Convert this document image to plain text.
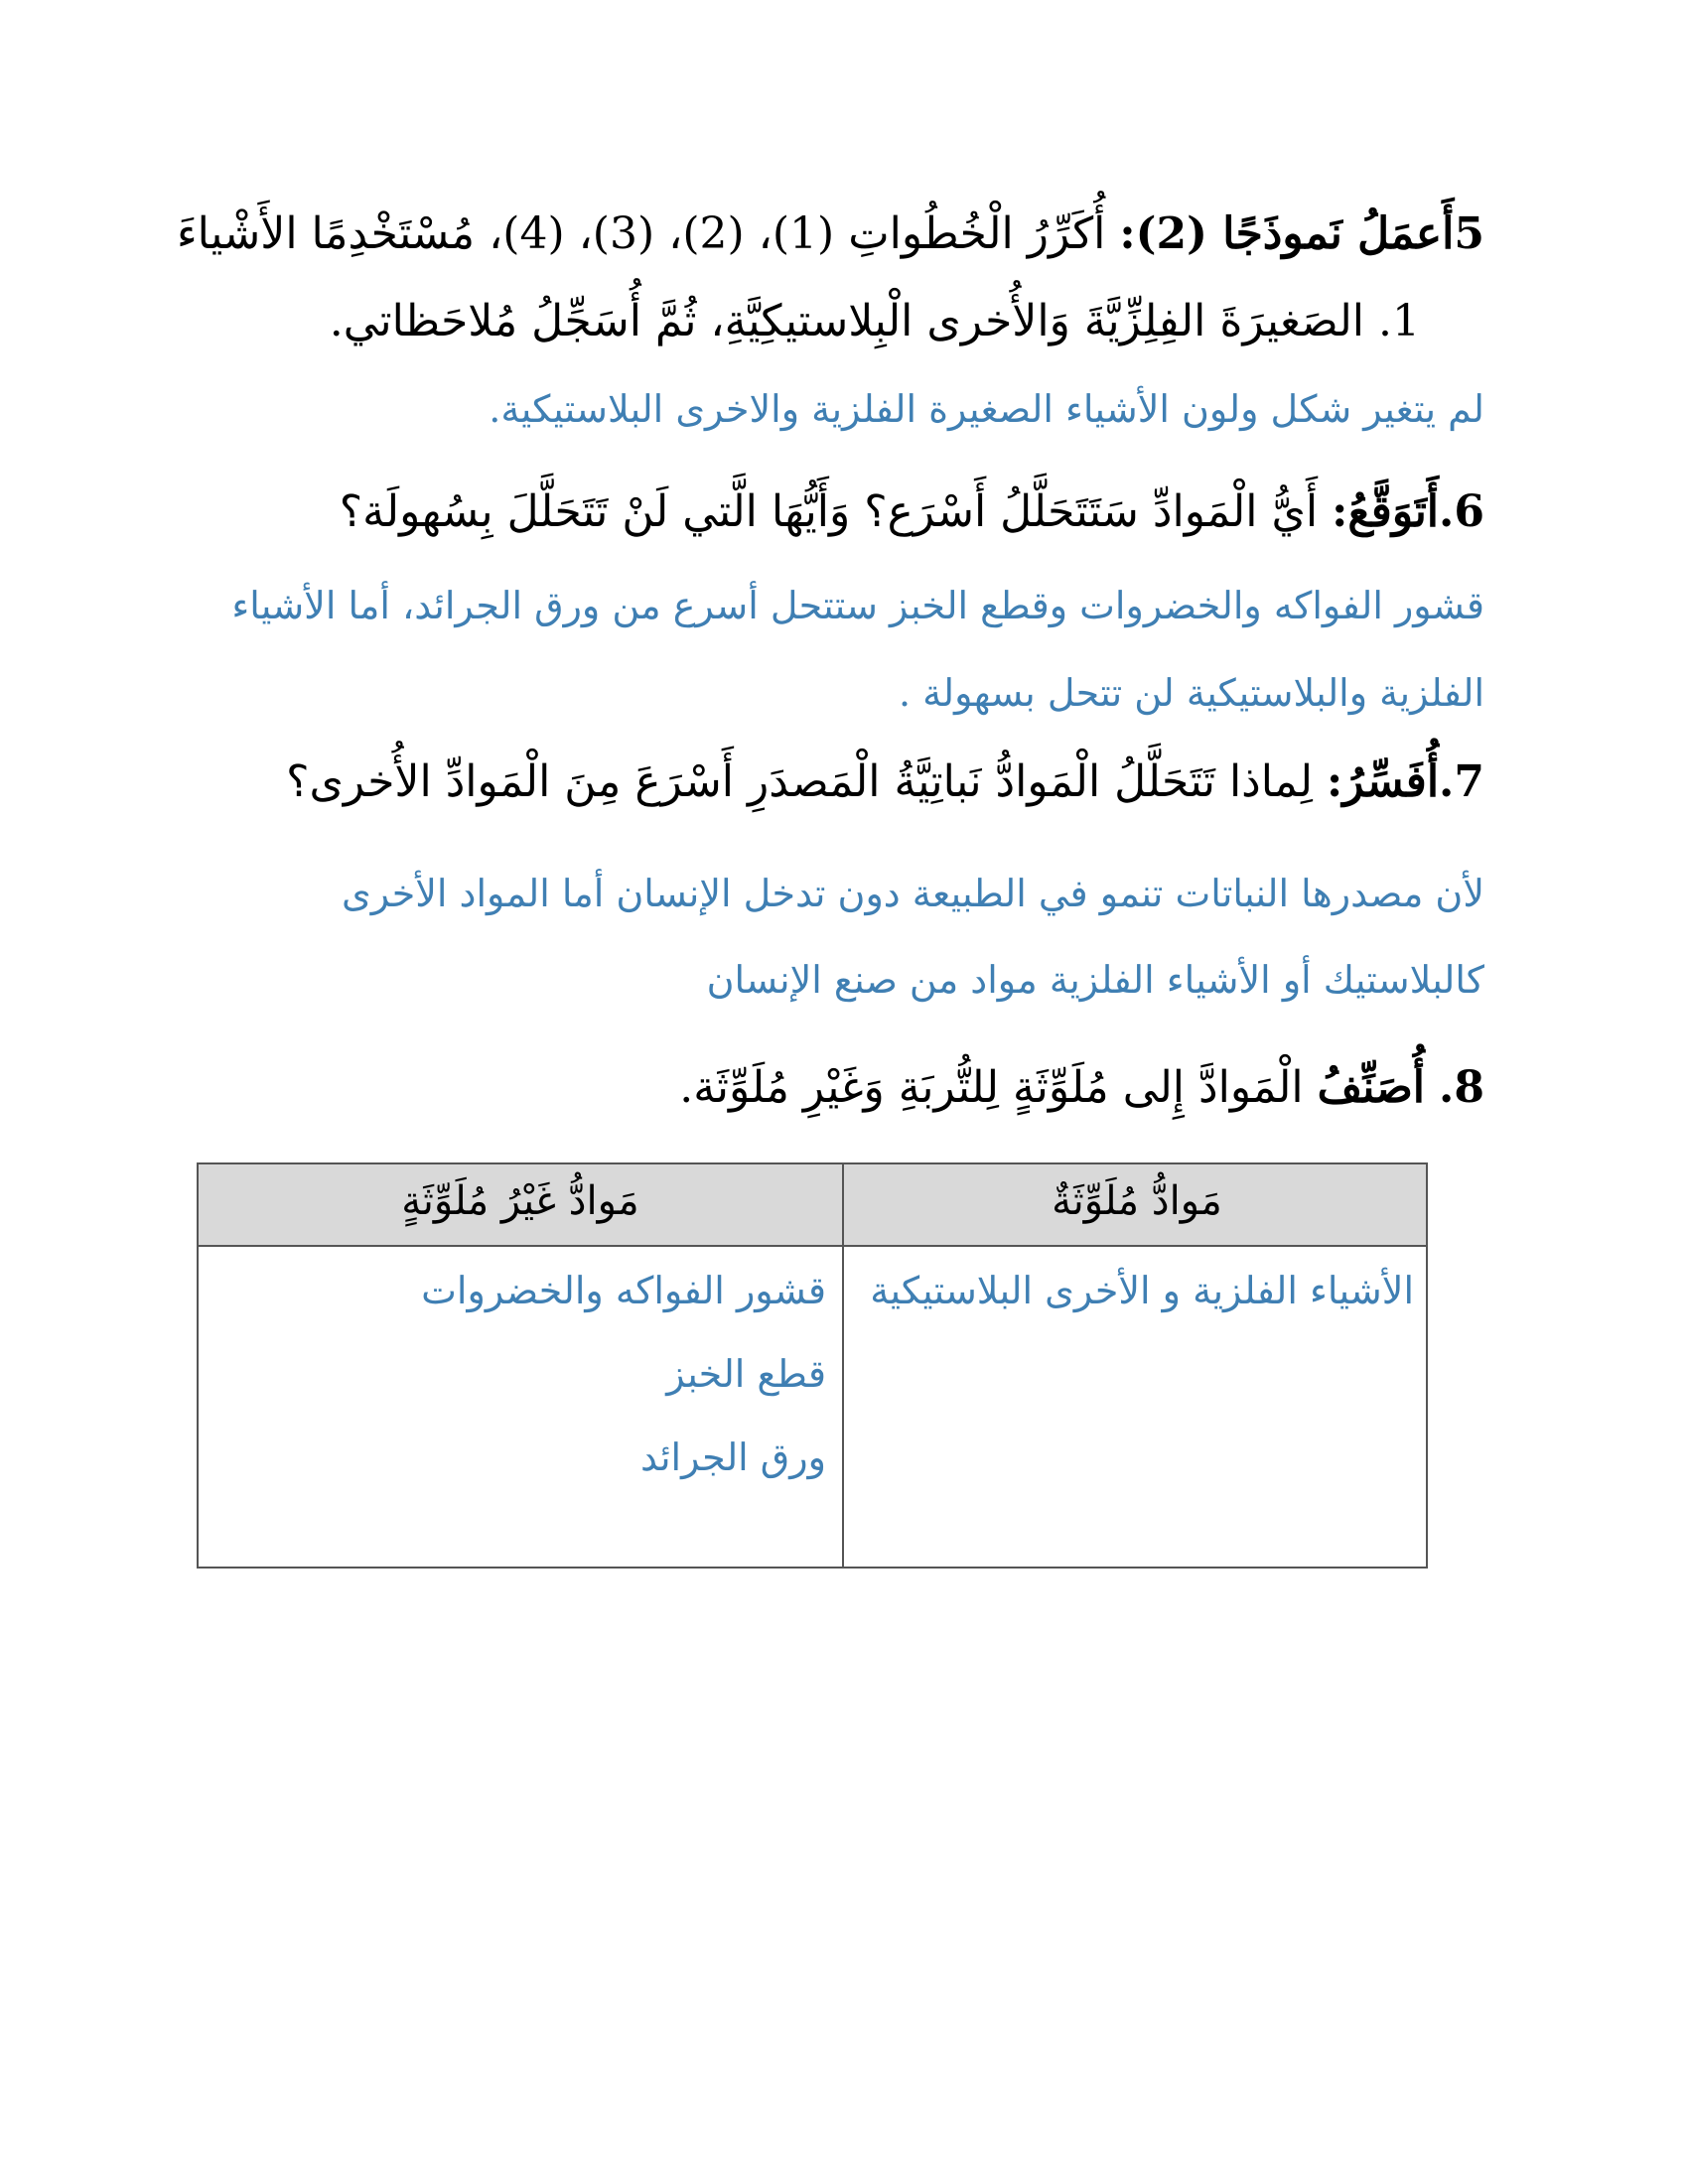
5أَعمَلُ نَموذَجًا (2): أُكَرِّرُ الْخُطُواتِ (1)، (2)، (3)، (4)، مُسْتَخْدِمًا الأَشْياءَ
1. الصَغيرَةَ الفِلِزِّيَّةَ وَالأُخرى الْبِلاستيكِيَّةِ، ثُمَّ أُسَجِّلُ مُلاحَظاتي.
لم يتغير شكل ولون الأشياء الصغيرة الفلزية والاخرى البلاستيكية.
6.أَتَوَقَّعُ: أَيُّ الْمَوادِّ سَتَتَحَلَّلُ أَسْرَع؟ وَأَيُّهَا الَّتي لَنْ تَتَحَلَّلَ بِسُهولَة؟
قشور الفواكه والخضروات وقطع الخبز ستتحل أسرع من ورق الجرائد، أما الأشياء
الفلزية والبلاستيكية لن تتحل بسهولة .
7.أُفَسِّرُ: لِماذا تَتَحَلَّلُ الْمَوادُّ نَباتِيَّةُ الْمَصدَرِ أَسْرَعَ مِنَ الْمَوادِّ الأُخرى؟
لأن مصدرها النباتات تنمو في الطبيعة دون تدخل الإنسان أما المواد الأخرى
كالبلاستيك أو الأشياء الفلزية مواد من صنع الإنسان
8. أُصَنِّفُ الْمَوادَّ إِلى مُلَوِّثَةٍ لِلتُّربَةِ وَغَيْرِ مُلَوِّثَة.
مَوادُّ مُلَوِّثَةٌ
مَوادُّ غَيْرُ مُلَوِّثَةٍ
الأشياء الفلزية و الأخرى البلاستيكية
قشور الفواكه والخضروات
قطع الخبز
ورق الجرائد
